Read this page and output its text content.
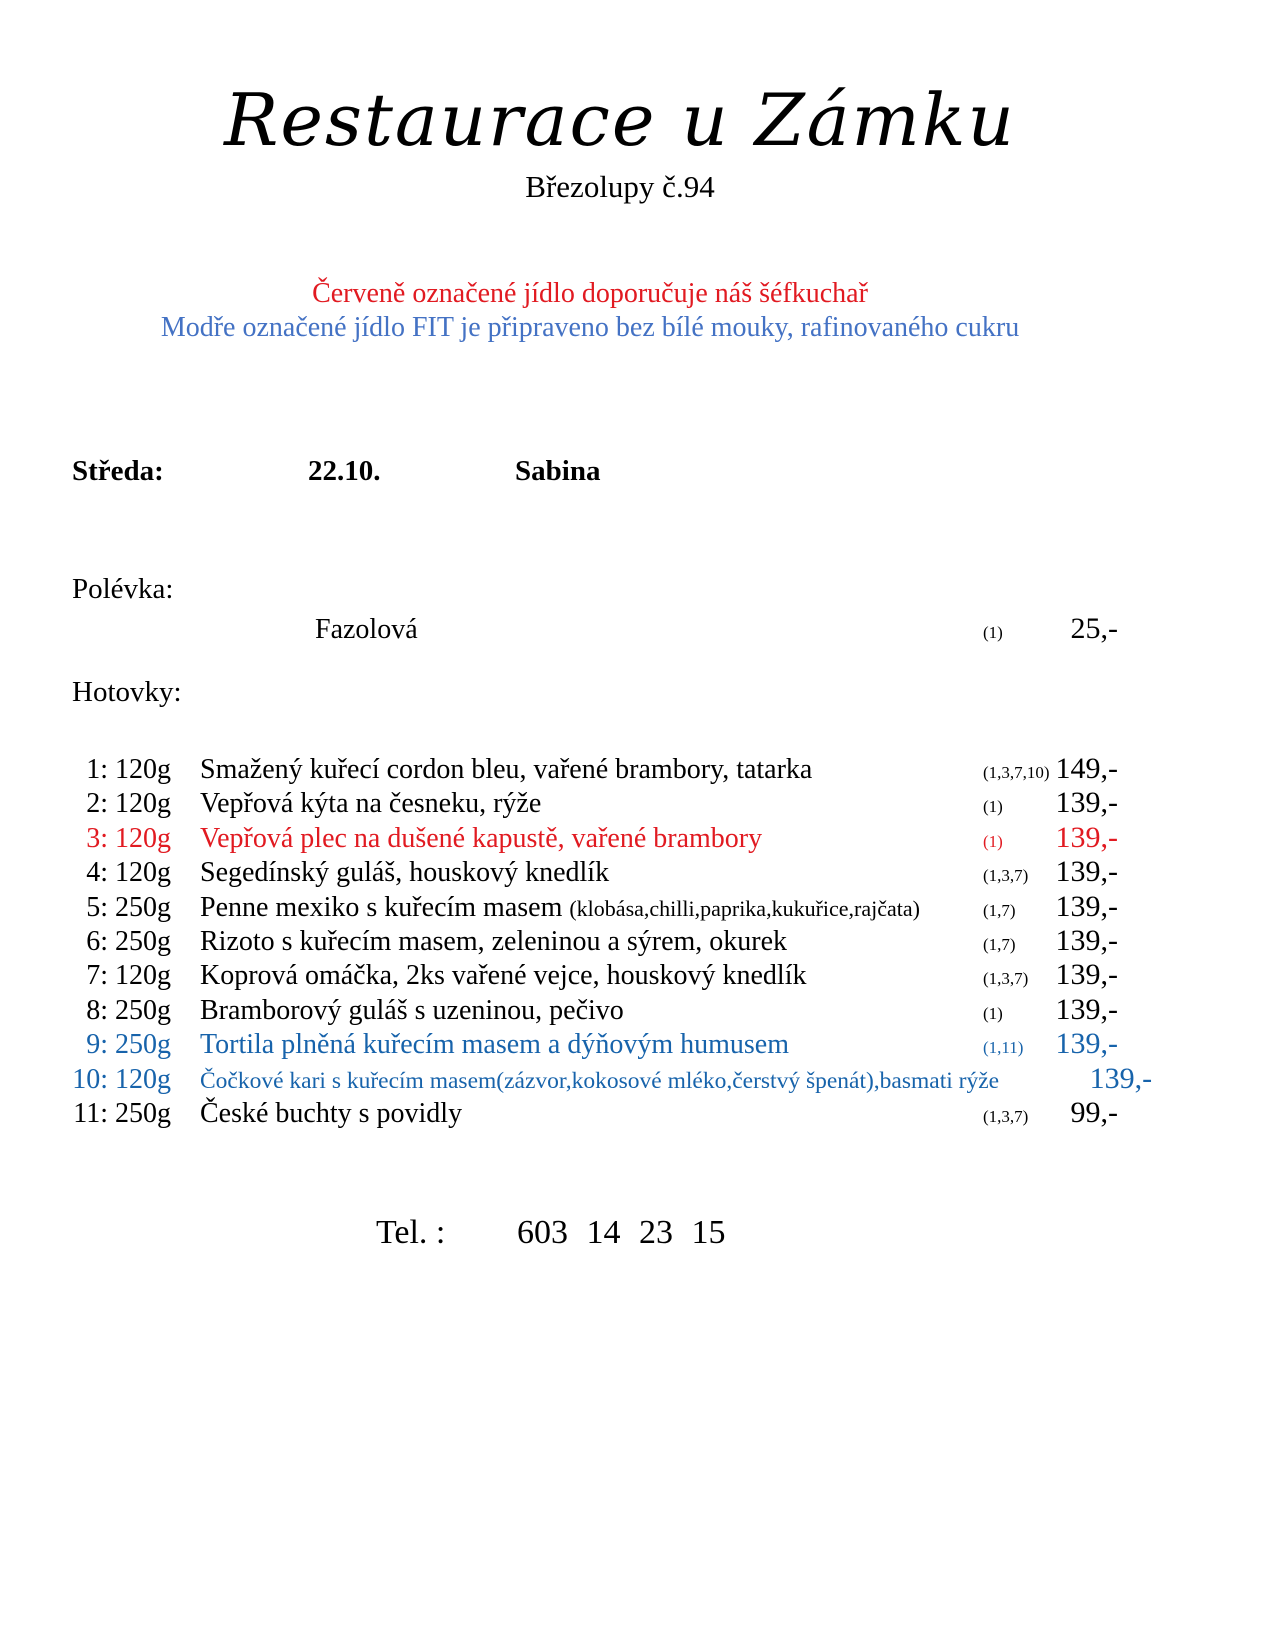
Restaurace u Zámku
Březolupy č.94
Červeně označené jídlo doporučuje náš šéfkuchař
Modře označené jídlo FIT je připraveno bez bílé mouky, rafinovaného cukru
Středa:	22.10.	Sabina
Polévka:
Fazolová	(1)	25,-
Hotovky:
1: 120g	Smažený kuřecí cordon bleu, vařené brambory, tatarka	(1,3,7,10) 149,-
2: 120g	Vepřová kýta na česneku, rýže	(1)	139,-
3: 120g	Vepřová plec na dušené kapustě, vařené brambory	(1)	139,-
4: 120g	Segedínský guláš, houskový knedlík	(1,3,7) 139,-
5: 250g	Penne mexiko s kuřecím masem (klobása,chilli,paprika,kukuřice,rajčata)	(1,7)	139,-
6: 250g	Rizoto s kuřecím masem, zeleninou a sýrem, okurek	(1,7)	139,-
7: 120g	Koprová omáčka, 2ks vařené vejce, houskový knedlík	(1,3,7) 139,-
8: 250g	Bramborový guláš s uzeninou, pečivo	(1)	139,-
9: 250g	Tortila plněná kuřecím masem a dýňovým humusem	(1,11)	139,-
10: 120g	Čočkové kari s kuřecím masem(zázvor,kokosové mléko,čerstvý špenát),basmati rýže	139,-
11: 250g	České buchty s povidly	(1,3,7)	99,-
Tel. : 603 14 23 15
